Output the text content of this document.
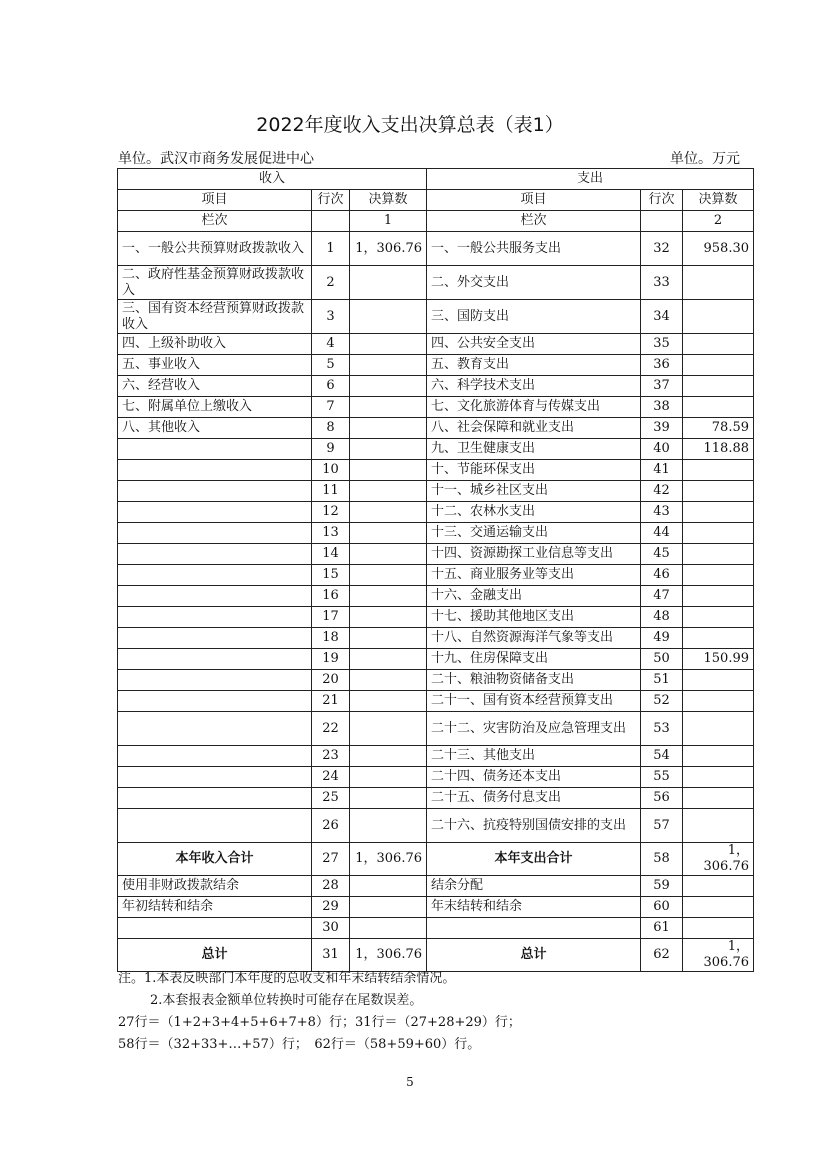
2022年度收入支出决算总表（表1）
单位。武汉市商务发展促进中心	单位。万元
收入			支出		
项目	行次	决算数	项目	行次	决算数
栏次		1	栏次		2
一、一般公共预算财政拨款收入	1	1，306.76	一、一般公共服务支出	32	958.30
二、政府性基金预算财政拨款收入	2		二、外交支出	33	
三、国有资本经营预算财政拨款收入	3		三、国防支出	34	
四、上级补助收入	4		四、公共安全支出	35	
五、事业收入	5		五、教育支出	36	
六、经营收入	6		六、科学技术支出	37	
七、附属单位上缴收入	7		七、文化旅游体育与传媒支出	38	
八、其他收入	8		八、社会保障和就业支出	39	78.59
	9		九、卫生健康支出	40	118.88
	10		十、节能环保支出	41	
	11		十一、城乡社区支出	42	
	12		十二、农林水支出	43	
	13		十三、交通运输支出	44	
	14		十四、资源勘探工业信息等支出	45	
	15		十五、商业服务业等支出	46	
	16		十六、金融支出	47	
	17		十七、援助其他地区支出	48	
	18		十八、自然资源海洋气象等支出	49	
	19		十九、住房保障支出	50	150.99
	20		二十、粮油物资储备支出	51	
	21		二十一、国有资本经营预算支出	52	
	22		二十二、灾害防治及应急管理支出	53	
	23		二十三、其他支出	54	
	24		二十四、债务还本支出	55	
	25		二十五、债务付息支出	56	
	26		二十六、抗疫特别国债安排的支出	57	
本年收入合计	27	1，306.76	本年支出合计	58	1，306.76
使用非财政拨款结余	28		结余分配	59	
年初结转和结余	29		年末结转和结余	60	
	30			61	
总计	31	1，306.76	总计	62	1，306.76
注。1.本表反映部门本年度的总收支和年末结转结余情况。
2.本套报表金额单位转换时可能存在尾数误差。
27行＝（1+2+3+4+5+6+7+8）行；31行＝（27+28+29）行；
58行＝（32+33+…+57）行；　62行＝（58+59+60）行。
5
